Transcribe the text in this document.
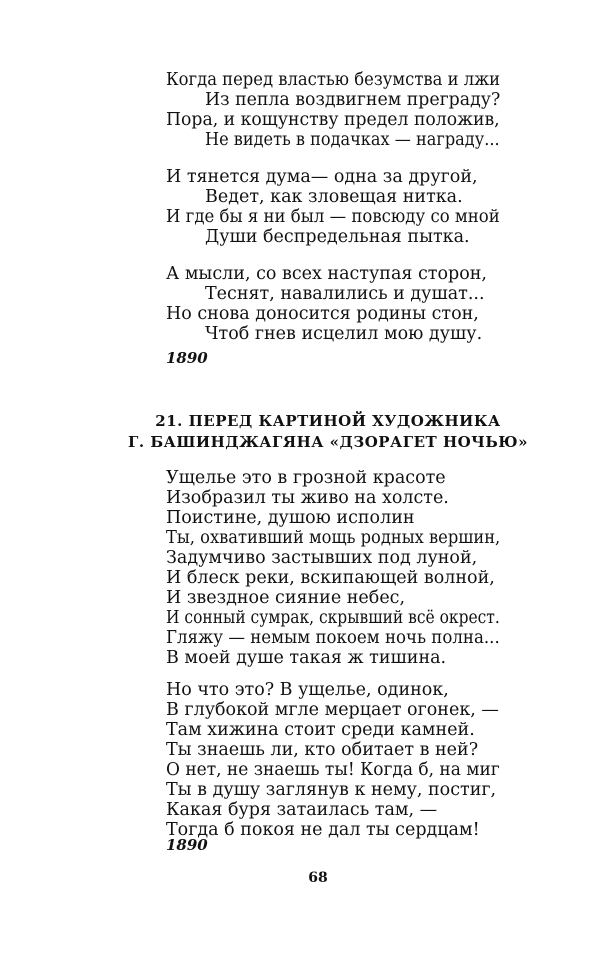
Когда перед властью безумства и лжи
Из пепла воздвигнем преграду?
Пора, и кощунству предел положив,
Не видеть в подачках — награду...
И тянется дума— одна за другой,
Ведет, как зловещая нитка.
И где бы я ни был — повсюду со мной
Души беспредельная пытка.
А мысли, со всех наступая сторон,
Теснят, навалились и душат...
Но снова доносится родины стон,
Чтоб гнев исцелил мою душу.
1890
21. ПЕРЕД КАРТИНОЙ ХУДОЖНИКА
Г. БАШИНДЖАГЯНА «ДЗОРАГЕТ НОЧЬЮ»
Ущелье это в грозной красоте
Изобразил ты живо на холсте.
Поистине, душою исполин
Ты, охвативший мощь родных вершин,
Задумчиво застывших под луной,
И блеск реки, вскипающей волной,
И звездное сияние небес,
И сонный сумрак, скрывший всё окрест.
Гляжу — немым покоем ночь полна...
В моей душе такая ж тишина.
Но что это? В ущелье, одинок,
В глубокой мгле мерцает огонек, —
Там хижина стоит среди камней.
Ты знаешь ли, кто обитает в ней?
О нет, не знаешь ты! Когда б, на миг
Ты в душу заглянув к нему, постиг,
Какая буря затаилась там, —
Тогда б покоя не дал ты сердцам!
1890
68
